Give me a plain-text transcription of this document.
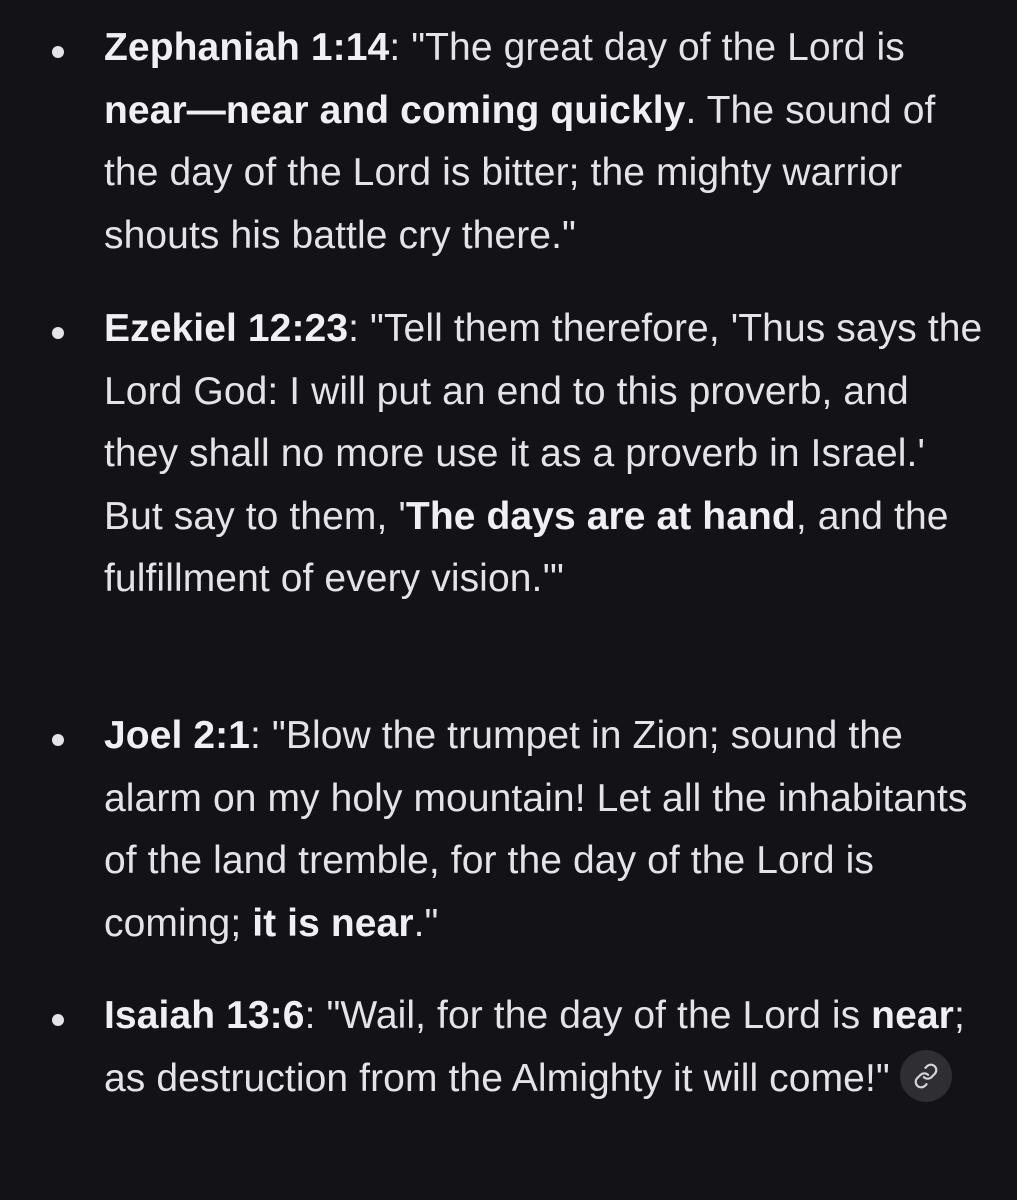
Zephaniah 1:14: "The great day of the Lord is near—near and coming quickly. The sound of the day of the Lord is bitter; the mighty warrior shouts his battle cry there."

Ezekiel 12:23: "Tell them therefore, 'Thus says the Lord God: I will put an end to this proverb, and they shall no more use it as a proverb in Israel.' But say to them, 'The days are at hand, and the fulfillment of every vision.'"

Joel 2:1: "Blow the trumpet in Zion; sound the alarm on my holy mountain! Let all the inhabitants of the land tremble, for the day of the Lord is coming; it is near."

Isaiah 13:6: "Wail, for the day of the Lord is near; as destruction from the Almighty it will come!"
